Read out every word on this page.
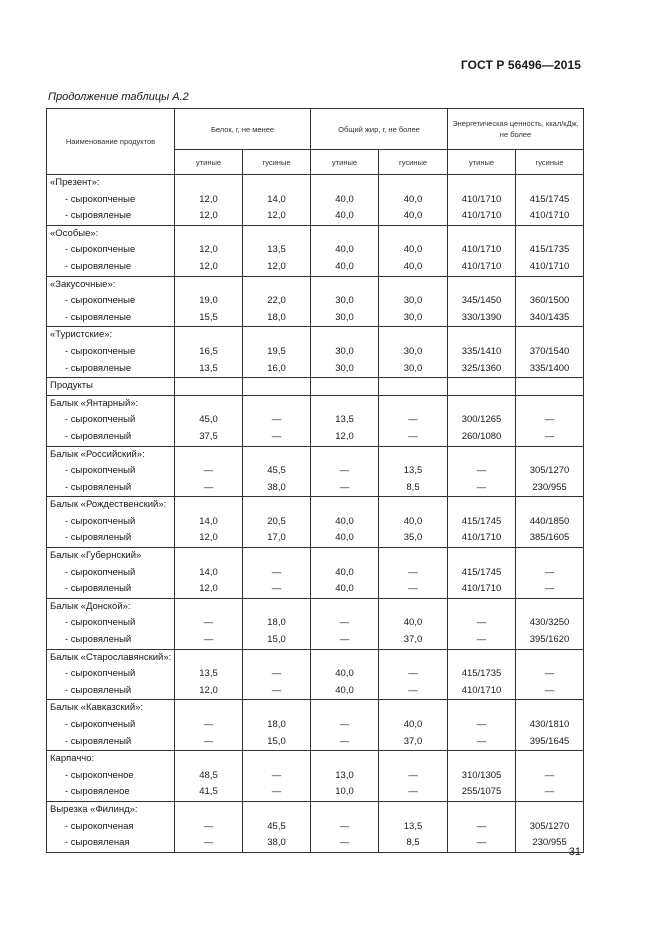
ГОСТ Р 56496—2015
Продолжение таблицы А.2
Наименование продуктов	Белок, г, не менее		Общий жир, г, не более		Энергетическая ценность, ккал/кДж, не более	
	утиные	гусиные	утиные	гусиные	утиные	гусиные
«Презент»:						
- сырокопченые	12,0	14,0	40,0	40,0	410/1710	415/1745
- сыровяленые	12,0	12,0	40,0	40,0	410/1710	410/1710
«Особые»:						
- сырокопченые	12,0	13,5	40,0	40,0	410/1710	415/1735
- сыровяленые	12,0	12,0	40,0	40,0	410/1710	410/1710
«Закусочные»:						
- сырокопченые	19,0	22,0	30,0	30,0	345/1450	360/1500
- сыровяленые	15,5	18,0	30,0	30,0	330/1390	340/1435
«Туристские»:						
- сырокопченые	16,5	19,5	30,0	30,0	335/1410	370/1540
- сыровяленые	13,5	16,0	30,0	30,0	325/1360	335/1400
Продукты						
Балык «Янтарный»:						
- сырокопченый	45,0	—	13,5	—	300/1265	—
- сыровяленый	37,5	—	12,0	—	260/1080	—
Балык «Российский»:						
- сырокопченый	—	45,5	—	13,5	—	305/1270
- сыровяленый	—	38,0	—	8,5	—	230/955
Балык «Рождественский»:						
- сырокопченый	14,0	20,5	40,0	40,0	415/1745	440/1850
- сыровяленый	12,0	17,0	40,0	35,0	410/1710	385/1605
Балык «Губернский»						
- сырокопченый	14,0	—	40,0	—	415/1745	—
- сыровяленый	12,0	—	40,0	—	410/1710	—
Балык «Донской»:						
- сырокопченый	—	18,0	—	40,0	—	430/3250
- сыровяленый	—	15,0	—	37,0	—	395/1620
Балык «Старославянский»:						
- сырокопченый	13,5	—	40,0	—	415/1735	—
- сыровяленый	12,0	—	40,0	—	410/1710	—
Балык «Кавказский»:						
- сырокопченый	—	18,0	—	40,0	—	430/1810
- сыровяленый	—	15,0	—	37,0	—	395/1645
Карпаччо:						
- сырокопченое	48,5	—	13,0	—	310/1305	—
- сыровяленое	41,5	—	10,0	—	255/1075	—
Вырезка «Филинд»:						
- сырокопченая	—	45,5	—	13,5	—	305/1270
- сыровяленая	—	38,0	—	8,5	—	230/955
31
